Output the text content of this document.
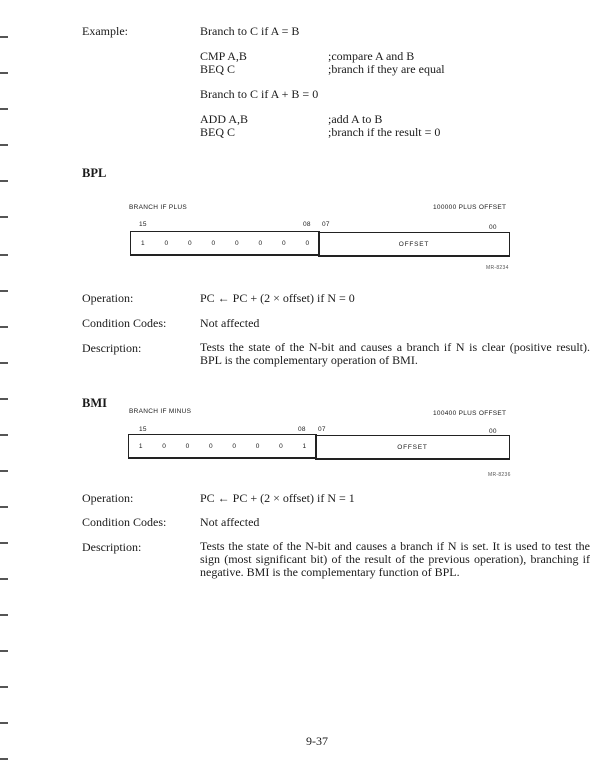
Example:	Branch to C if A = B
CMP A,B	;compare A and B
BEQ C	;branch if they are equal
Branch to C if A + B = 0
ADD A,B	;add A to B
BEQ C	;branch if the result = 0
BPL
BRANCH IF PLUS	100000 PLUS OFFSET
15	08 07	00
1	0	0	0	0	0	0	0	OFFSET
MR-8234
Operation:	PC ← PC + (2 × offset) if N = 0
Condition Codes:	Not affected
Description:	Tests the state of the N-bit and causes a branch if N is clear (positive result). BPL is the complementary operation of BMI.
BMI
BRANCH IF MINUS	100400 PLUS OFFSET
15	08 07	00
1	0	0	0	0	0	0	1	OFFSET
MR-8236
Operation:	PC ← PC + (2 × offset) if N = 1
Condition Codes:	Not affected
Description:	Tests the state of the N-bit and causes a branch if N is set. It is used to test the sign (most significant bit) of the result of the previous operation), branching if negative. BMI is the complementary function of BPL.
9-37
